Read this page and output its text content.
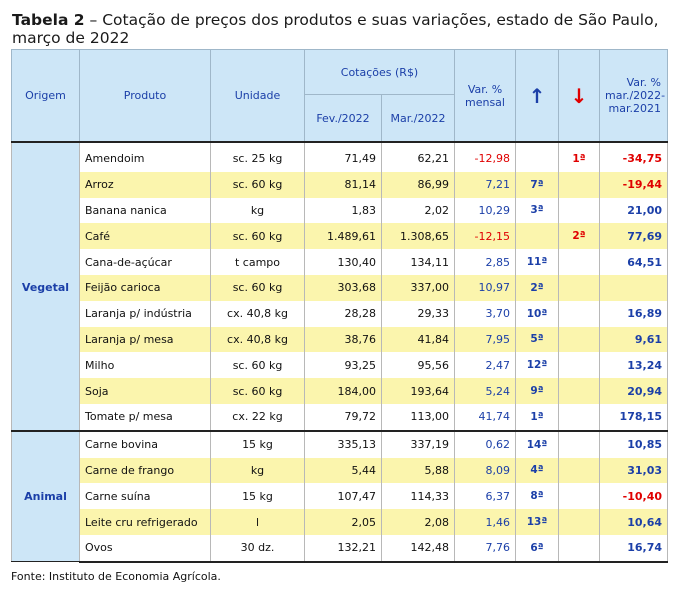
Tabela 2 – Cotação de preços dos produtos e suas variações, estado de São Paulo, março de 2022
Origem	Produto	Unidade	Cotações (R$)		Var. % mensal	↑	↓	Var. % mar./2022-mar.2021
			Fev./2022	Mar./2022				
Vegetal	Amendoim	sc. 25 kg	71,49	62,21	-12,98		1ª	-34,75
	Arroz	sc. 60 kg	81,14	86,99	7,21	7ª		-19,44
	Banana nanica	kg	1,83	2,02	10,29	3ª		21,00
	Café	sc. 60 kg	1.489,61	1.308,65	-12,15		2ª	77,69
	Cana-de-açúcar	t campo	130,40	134,11	2,85	11ª		64,51
	Feijão carioca	sc. 60 kg	303,68	337,00	10,97	2ª		
	Laranja p/ indústria	cx. 40,8 kg	28,28	29,33	3,70	10ª		16,89
	Laranja p/ mesa	cx. 40,8 kg	38,76	41,84	7,95	5ª		9,61
	Milho	sc. 60 kg	93,25	95,56	2,47	12ª		13,24
	Soja	sc. 60 kg	184,00	193,64	5,24	9ª		20,94
	Tomate p/ mesa	cx. 22 kg	79,72	113,00	41,74	1ª		178,15
Animal	Carne bovina	15 kg	335,13	337,19	0,62	14ª		10,85
	Carne de frango	kg	5,44	5,88	8,09	4ª		31,03
	Carne suína	15 kg	107,47	114,33	6,37	8ª		-10,40
	Leite cru refrigerado	l	2,05	2,08	1,46	13ª		10,64
	Ovos	30 dz.	132,21	142,48	7,76	6ª		16,74
Fonte: Instituto de Economia Agrícola.
